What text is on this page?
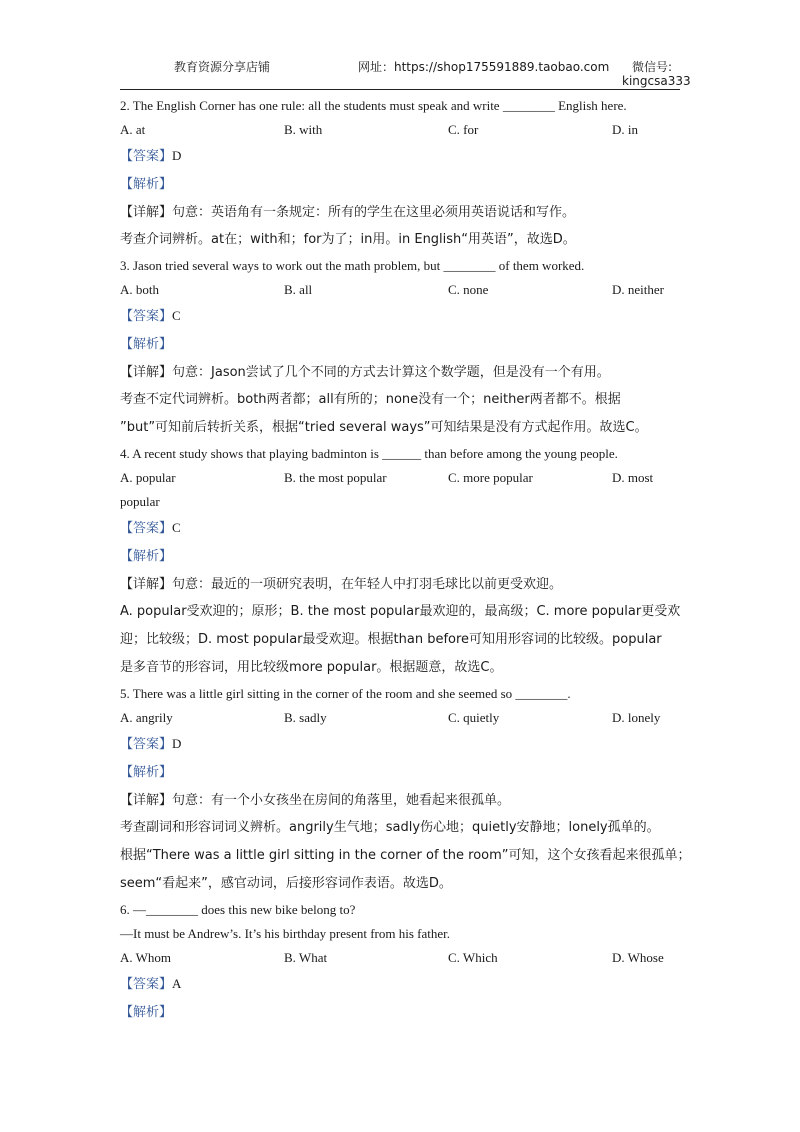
教育资源分享店铺	网址：https://shop175591889.taobao.com 微信号:
kingcsa333
2. The English Corner has one rule: all the students must speak and write ________ English here.
A. at	B. with	C. for	D. in
【答案】D
【解析】
【详解】句意：英语角有一条规定：所有的学生在这里必须用英语说话和写作。
考查介词辨析。at在；with和；for为了；in用。in English“用英语”，故选D。
3. Jason tried several ways to work out the math problem, but ________ of them worked.
A. both	B. all	C. none	D. neither
【答案】C
【解析】
【详解】句意：Jason尝试了几个不同的方式去计算这个数学题，但是没有一个有用。
考查不定代词辨析。both两者都；all有所的；none没有一个；neither两者都不。根据
”but”可知前后转折关系，根据“tried several ways”可知结果是没有方式起作用。故选C。
4. A recent study shows that playing badminton is ______ than before among the young people.
A. popular	B. the most popular	C. more popular	D. most
popular
【答案】C
【解析】
【详解】句意：最近的一项研究表明，在年轻人中打羽毛球比以前更受欢迎。
A. popular受欢迎的；原形；B. the most popular最欢迎的，最高级；C. more popular更受欢
迎；比较级；D. most popular最受欢迎。根据than before可知用形容词的比较级。popular
是多音节的形容词，用比较级more popular。根据题意，故选C。
5. There was a little girl sitting in the corner of the room and she seemed so ________.
A. angrily	B. sadly	C. quietly	D. lonely
【答案】D
【解析】
【详解】句意：有一个小女孩坐在房间的角落里，她看起来很孤单。
考查副词和形容词词义辨析。angrily生气地；sadly伤心地；quietly安静地；lonely孤单的。
根据“There was a little girl sitting in the corner of the room”可知，这个女孩看起来很孤单；
seem“看起来”，感官动词，后接形容词作表语。故选D。
6. —________ does this new bike belong to?
—It must be Andrew’s. It’s his birthday present from his father.
A. Whom	B. What	C. Which	D. Whose
【答案】A
【解析】
